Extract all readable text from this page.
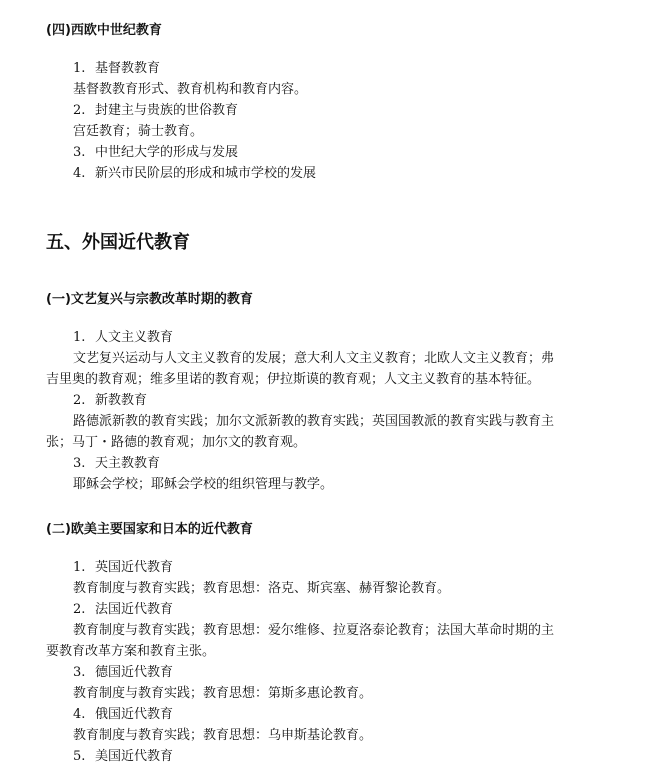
(四)西欧中世纪教育
1. 基督教教育
基督教教育形式、教育机构和教育内容。
2. 封建主与贵族的世俗教育
宫廷教育；骑士教育。
3. 中世纪大学的形成与发展
4. 新兴市民阶层的形成和城市学校的发展
五、外国近代教育
(一)文艺复兴与宗教改革时期的教育
1. 人文主义教育
文艺复兴运动与人文主义教育的发展；意大利人文主义教育；北欧人文主义教育；弗
吉里奥的教育观；维多里诺的教育观；伊拉斯谟的教育观；人文主义教育的基本特征。
2. 新教教育
路德派新教的教育实践；加尔文派新教的教育实践；英国国教派的教育实践与教育主
张；马丁・路德的教育观；加尔文的教育观。
3. 天主教教育
耶稣会学校；耶稣会学校的组织管理与教学。
(二)欧美主要国家和日本的近代教育
1. 英国近代教育
教育制度与教育实践；教育思想：洛克、斯宾塞、赫胥黎论教育。
2. 法国近代教育
教育制度与教育实践；教育思想：爱尔维修、拉夏洛泰论教育；法国大革命时期的主
要教育改革方案和教育主张。
3. 德国近代教育
教育制度与教育实践；教育思想：第斯多惠论教育。
4. 俄国近代教育
教育制度与教育实践；教育思想：乌申斯基论教育。
5. 美国近代教育
